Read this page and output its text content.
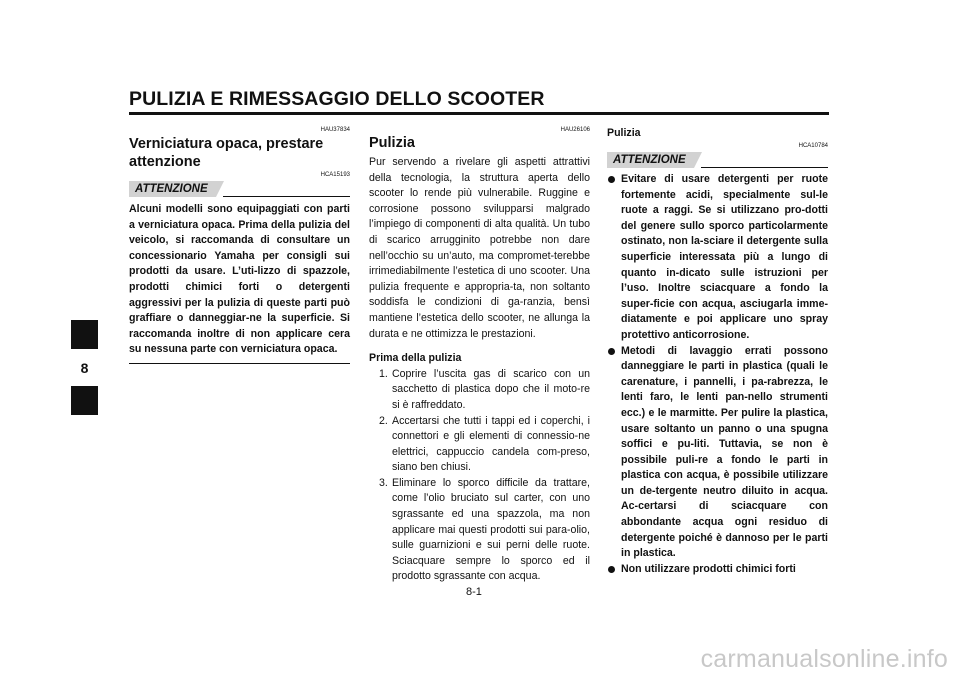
PULIZIA E RIMESSAGGIO DELLO SCOOTER
8
HAU37834
Verniciatura opaca, prestare attenzione
HCA15193
ATTENZIONE

Alcuni modelli sono equipaggiati con parti a verniciatura opaca. Prima della pulizia del veicolo, si raccomanda di consultare un concessionario Yamaha per consigli sui prodotti da usare. L’uti-lizzo di spazzole, prodotti chimici forti o detergenti aggressivi per la pulizia di queste parti può graffiare o danneggiar-ne la superficie. Si raccomanda inoltre di non applicare cera su nessuna parte con verniciatura opaca.

HAU26106
Pulizia

Pur servendo a rivelare gli aspetti attrattivi della tecnologia, la struttura aperta dello scooter lo rende più vulnerabile. Ruggine e corrosione possono svilupparsi malgrado l’impiego di componenti di alta qualità. Un tubo di scarico arrugginito potrebbe non dare nell’occhio su un’auto, ma compromet-terebbe irrimediabilmente l’estetica di uno scooter. Una pulizia frequente e appropria-ta, non soltanto soddisfa le condizioni di ga-ranzia, bensì mantiene l’estetica dello scooter, ne allunga la durata e ne ottimizza le prestazioni.

Prima della pulizia
1. Coprire l’uscita gas di scarico con un sacchetto di plastica dopo che il moto-re si è raffreddato.
2. Accertarsi che tutti i tappi ed i coperchi, i connettori e gli elementi di connessio-ne elettrici, cappuccio candela com-preso, siano ben chiusi.
3. Eliminare lo sporco difficile da trattare, come l’olio bruciato sul carter, con uno sgrassante ed una spazzola, ma non applicare mai questi prodotti sui para-olio, sulle guarnizioni e sui perni delle ruote. Sciacquare sempre lo sporco ed il prodotto sgrassante con acqua.
Pulizia
HCA10784
ATTENZIONE
Evitare di usare detergenti per ruote fortemente acidi, specialmente sul-le ruote a raggi. Se si utilizzano pro-dotti del genere sullo sporco particolarmente ostinato, non la-sciare il detergente sulla superficie interessata più a lungo di quanto in-dicato sulle istruzioni per l’uso. Inoltre sciacquare a fondo la super-ficie con acqua, asciugarla imme-diatamente e poi applicare uno spray protettivo anticorrosione.
Metodi di lavaggio errati possono danneggiare le parti in plastica (quali le carenature, i pannelli, i pa-rabrezza, le lenti faro, le lenti pan-nello strumenti ecc.) e le marmitte. Per pulire la plastica, usare soltanto un panno o una spugna soffici e pu-liti. Tuttavia, se non è possibile puli-re a fondo le parti in plastica con acqua, è possibile utilizzare un de-tergente neutro diluito in acqua. Ac-certarsi di sciacquare con abbondante acqua ogni residuo di detergente poiché è dannoso per le parti in plastica.
Non utilizzare prodotti chimici forti
8-1
carmanualsonline.info
